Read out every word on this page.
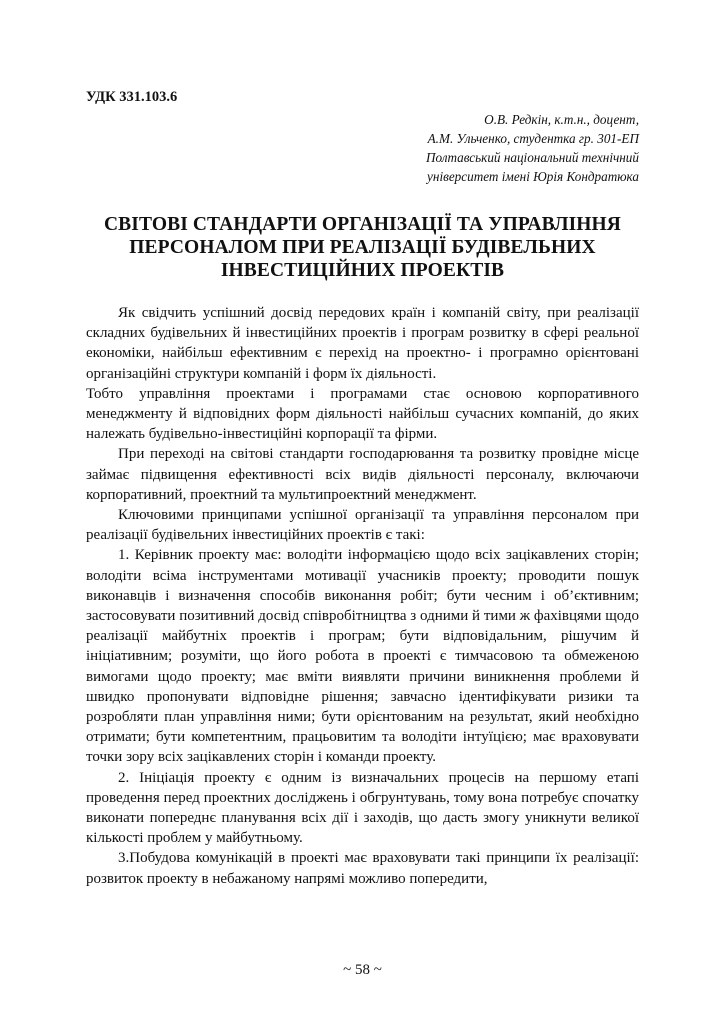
УДК 331.103.6

О.В. Редкін, к.т.н., доцент,
А.М. Ульченко, студентка гр. 301-ЕП
Полтавський національний технічний
університет імені Юрія Кондратюка
СВІТОВІ СТАНДАРТИ ОРГАНІЗАЦІЇ ТА УПРАВЛІННЯ
ПЕРСОНАЛОМ ПРИ РЕАЛІЗАЦІЇ БУДІВЕЛЬНИХ
ІНВЕСТИЦІЙНИХ ПРОЕКТІВ

Як свідчить успішний досвід передових країн і компаній світу, при реалізації складних будівельних й інвестиційних проектів і програм розвитку в сфері реальної економіки, найбільш ефективним є перехід на проектно- і програмно орієнтовані організаційні структури компаній і форм їх діяльності.

Тобто управління проектами і програмами стає основою корпоративного менеджменту й відповідних форм діяльності найбільш сучасних компаній, до яких належать будівельно-інвестиційні корпорації та фірми.

При переході на світові стандарти господарювання та розвитку провідне місце займає підвищення ефективності всіх видів діяльності персоналу, включаючи корпоративний, проектний та мультипроектний менеджмент.

Ключовими принципами успішної організації та управління персоналом при реалізації будівельних інвестиційних проектів є такі:

1. Керівник проекту має: володіти інформацією щодо всіх зацікавлених сторін; володіти всіма інструментами мотивації учасників проекту; проводити пошук виконавців і визначення способів виконання робіт; бути чесним і об’єктивним; застосовувати позитивний досвід співробітництва з одними й тими ж фахівцями щодо реалізації майбутніх проектів і програм; бути відповідальним, рішучим й ініціативним; розуміти, що його робота в проекті є тимчасовою та обмеженою вимогами щодо проекту; має вміти виявляти причини виникнення проблеми й швидко пропонувати відповідне рішення; завчасно ідентифікувати ризики та розробляти план управління ними; бути орієнтованим на результат, який необхідно отримати; бути компетентним, працьовитим та володіти інтуїцією; має враховувати точки зору всіх зацікавлених сторін і команди проекту.

2. Ініціація проекту є одним із визначальних процесів на першому етапі проведення перед проектних досліджень і обгрунтувань, тому вона потребує спочатку виконати попереднє планування всіх дії і заходів, що дасть змогу уникнути великої кількості проблем у майбутньому.

3.Побудова комунікацій в проекті має враховувати такі принципи їх реалізації: розвиток проекту в небажаному напрямі можливо попередити,

~ 58 ~
